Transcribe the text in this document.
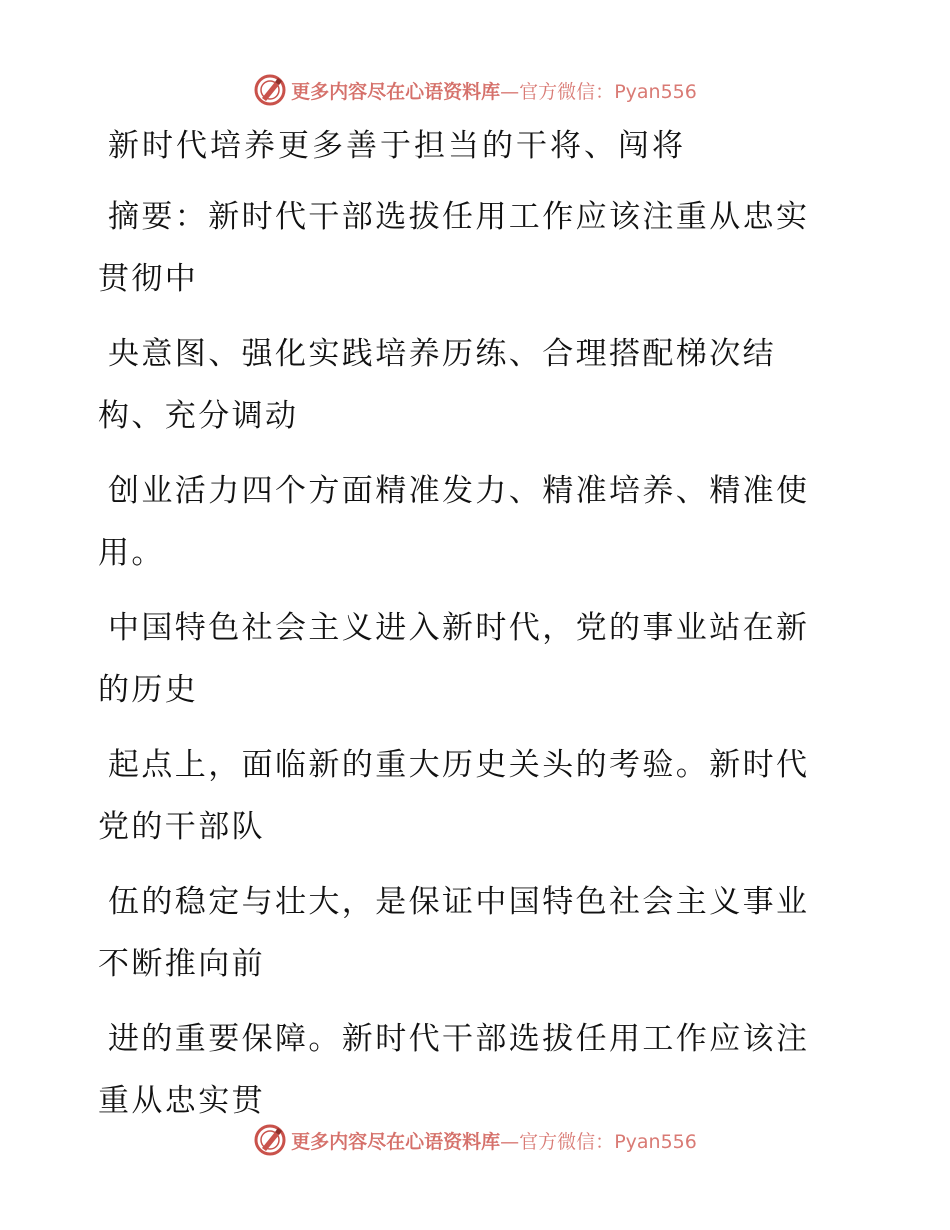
更多内容尽在心语资料库—官方微信：Pyan556
新时代培养更多善于担当的干将、闯将
摘要：新时代干部选拔任用工作应该注重从忠实
贯彻中
央意图、强化实践培养历练、合理搭配梯次结
构、充分调动
创业活力四个方面精准发力、精准培养、精准使
用。
中国特色社会主义进入新时代，党的事业站在新
的历史
起点上，面临新的重大历史关头的考验。新时代
党的干部队
伍的稳定与壮大，是保证中国特色社会主义事业
不断推向前
进的重要保障。新时代干部选拔任用工作应该注
重从忠实贯
更多内容尽在心语资料库—官方微信：Pyan556
